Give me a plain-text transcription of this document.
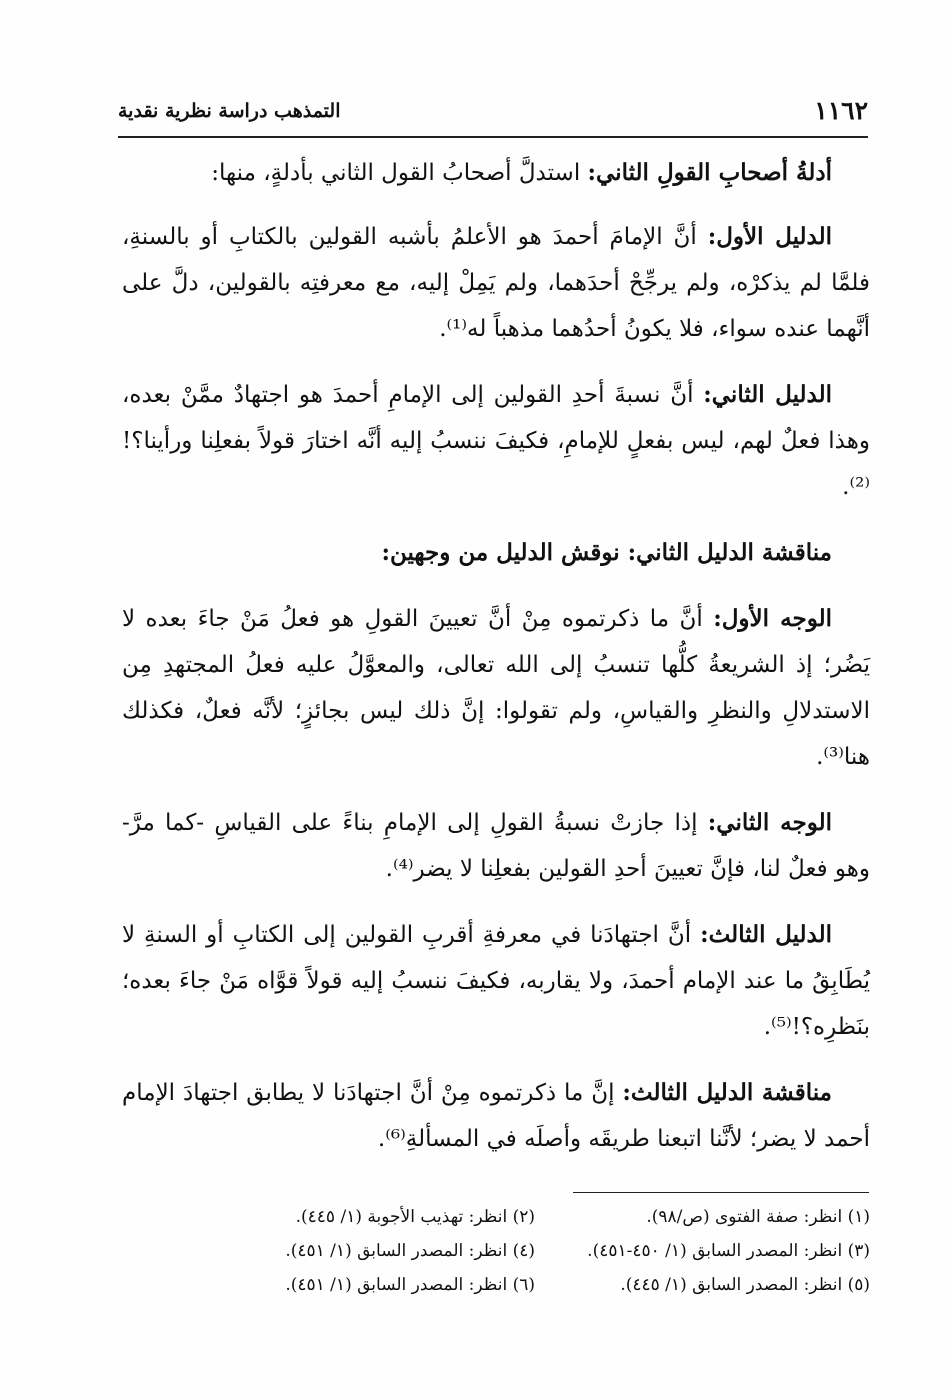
١١٦٢
التمذهب دراسة نظرية نقدية

أدلةُ أصحابِ القولِ الثاني: استدلَّ أصحابُ القول الثاني بأدلةٍ، منها:

الدليل الأول: أنَّ الإمامَ أحمدَ هو الأعلمُ بأشبه القولين بالكتابِ أو بالسنةِ، فلمَّا لم يذكرْه، ولم يرجِّحْ أحدَهما، ولم يَمِلْ إليه، مع معرفتِه بالقولين، دلَّ على أنَّهما عنده سواء، فلا يكونُ أحدُهما مذهباً له⁽¹⁾.

الدليل الثاني: أنَّ نسبةَ أحدِ القولين إلى الإمامِ أحمدَ هو اجتهادٌ ممَّنْ بعده، وهذا فعلٌ لهم، ليس بفعلٍ للإمامِ، فكيفَ ننسبُ إليه أنَّه اختارَ قولاً بفعلِنا ورأينا؟!⁽²⁾.

مناقشة الدليل الثاني: نوقش الدليل من وجهين:

الوجه الأول: أنَّ ما ذكرتموه مِنْ أنَّ تعيينَ القولِ هو فعلُ مَنْ جاءَ بعده لا يَضُر؛ إذ الشريعةُ كلُّها تنسبُ إلى الله تعالى، والمعوَّلُ عليه فعلُ المجتهدِ مِن الاستدلالِ والنظرِ والقياسِ، ولم تقولوا: إنَّ ذلك ليس بجائزٍ؛ لأنَّه فعلٌ، فكذلك هنا⁽³⁾.

الوجه الثاني: إذا جازتْ نسبةُ القولِ إلى الإمامِ بناءً على القياسِ -كما مرَّ- وهو فعلٌ لنا، فإنَّ تعيينَ أحدِ القولين بفعلِنا لا يضر⁽⁴⁾.

الدليل الثالث: أنَّ اجتهادَنا في معرفةِ أقربِ القولين إلى الكتابِ أو السنةِ لا يُطَابِقُ ما عند الإمام أحمدَ، ولا يقاربه، فكيفَ ننسبُ إليه قولاً قوَّاه مَنْ جاءَ بعده؛ بنَظرِه؟!⁽⁵⁾.

مناقشة الدليل الثالث: إنَّ ما ذكرتموه مِنْ أنَّ اجتهادَنا لا يطابق اجتهادَ الإمام أحمد لا يضر؛ لأنَّنا اتبعنا طريقَه وأصلَه في المسألةِ⁽⁶⁾.

(١) انظر: صفة الفتوى (ص/٩٨).
(٢) انظر: تهذيب الأجوبة (١/ ٤٤٥).
(٣) انظر: المصدر السابق (١/ ٤٥٠-٤٥١).
(٤) انظر: المصدر السابق (١/ ٤٥١).
(٥) انظر: المصدر السابق (١/ ٤٤٥).
(٦) انظر: المصدر السابق (١/ ٤٥١).
